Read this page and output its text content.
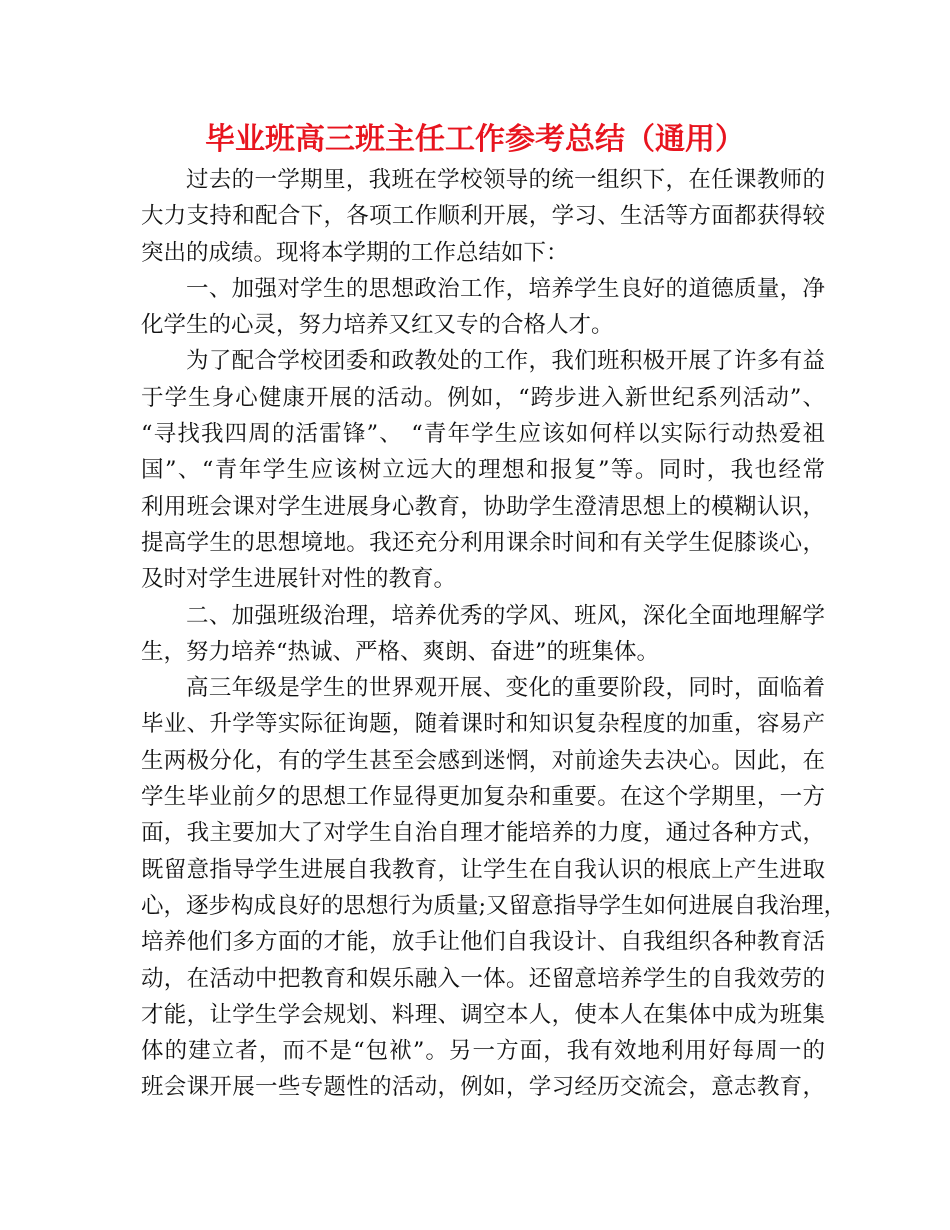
毕业班高三班主任工作参考总结（通用）
过去的一学期里，我班在学校领导的统一组织下，在任课教师的
大力支持和配合下，各项工作顺利开展，学习、生活等方面都获得较
突出的成绩。现将本学期的工作总结如下：
一、加强对学生的思想政治工作，培养学生良好的道德质量，净
化学生的心灵，努力培养又红又专的合格人才。
为了配合学校团委和政教处的工作，我们班积极开展了许多有益
于学生身心健康开展的活动。例如，“跨步进入新世纪系列活动”、
“寻找我四周的活雷锋”、 “青年学生应该如何样以实际行动热爱祖
国”、“青年学生应该树立远大的理想和报复”等。同时，我也经常
利用班会课对学生进展身心教育，协助学生澄清思想上的模糊认识，
提高学生的思想境地。我还充分利用课余时间和有关学生促膝谈心，
及时对学生进展针对性的教育。
二、加强班级治理，培养优秀的学风、班风，深化全面地理解学
生，努力培养“热诚、严格、爽朗、奋进”的班集体。
高三年级是学生的世界观开展、变化的重要阶段，同时，面临着
毕业、升学等实际征询题，随着课时和知识复杂程度的加重，容易产
生两极分化，有的学生甚至会感到迷惘，对前途失去决心。因此，在
学生毕业前夕的思想工作显得更加复杂和重要。在这个学期里，一方
面，我主要加大了对学生自治自理才能培养的力度，通过各种方式，
既留意指导学生进展自我教育，让学生在自我认识的根底上产生进取
心，逐步构成良好的思想行为质量;又留意指导学生如何进展自我治理，
培养他们多方面的才能，放手让他们自我设计、自我组织各种教育活
动，在活动中把教育和娱乐融入一体。还留意培养学生的自我效劳的
才能，让学生学会规划、料理、调空本人，使本人在集体中成为班集
体的建立者，而不是“包袱”。另一方面，我有效地利用好每周一的
班会课开展一些专题性的活动，例如，学习经历交流会，意志教育，
